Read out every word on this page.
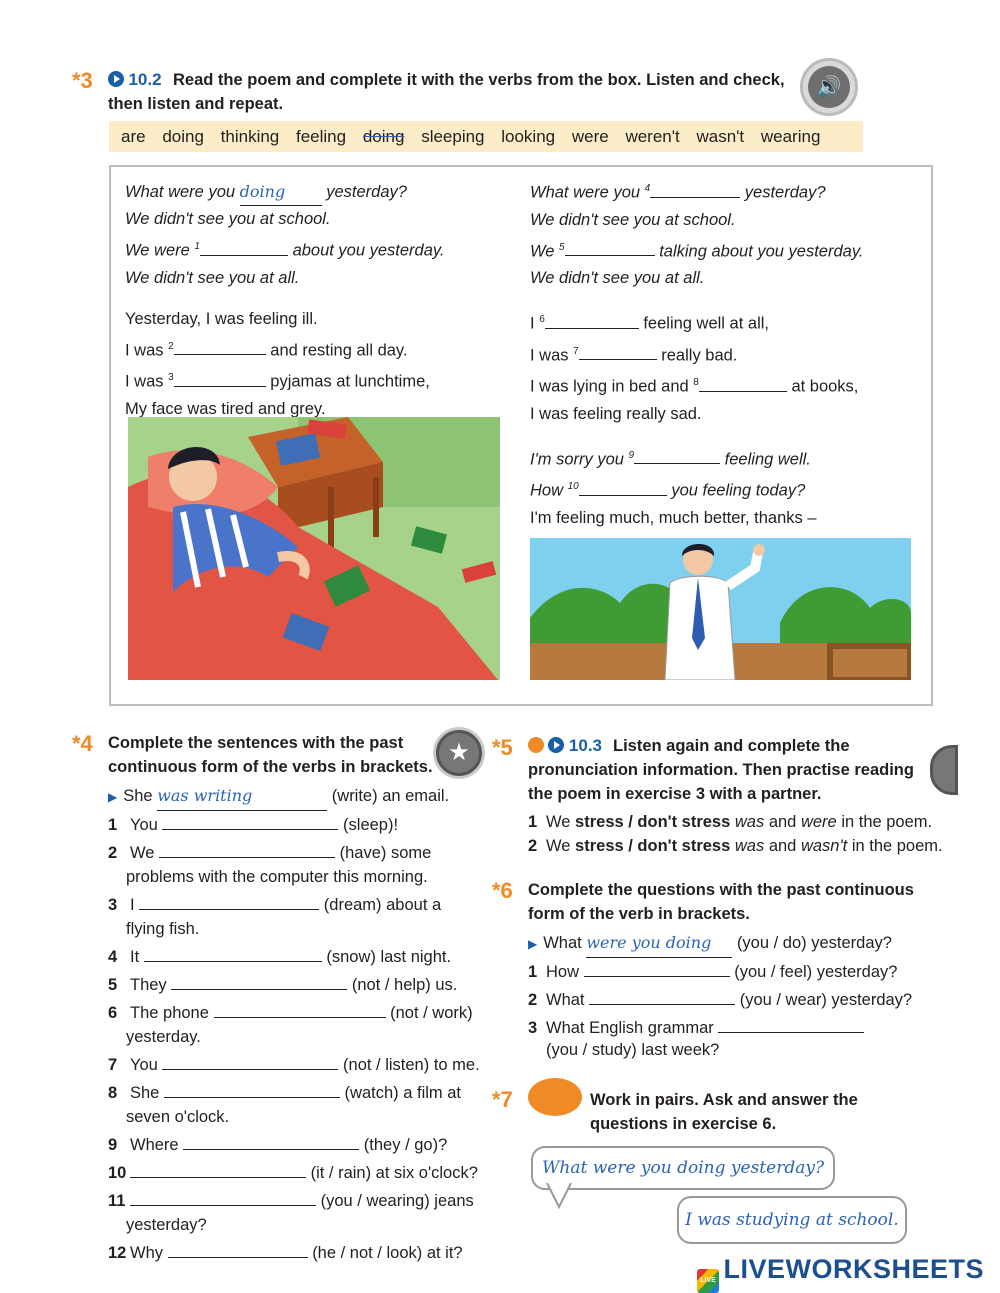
*3	10.2 Read the poem and complete it with the verbs from the box. Listen and check,
then listen and repeat.
🔊
are doing thinking feeling doing sleeping looking were weren't wasn't wearing
What were you doing yesterday?
We didn't see you at school.
We were $^1$	about you yesterday.
We didn't see you at all.
Yesterday, I was feeling ill.
I was $^2$	and resting all day.
I was $^3$	pyjamas at lunchtime,
My face was tired and grey.
What were you $^4$	yesterday?
We didn't see you at school.
We $^5$	talking about you yesterday.
We didn't see you at all.
I $^6$	feeling well at all,
I was $^7$	really bad.
I was lying in bed and $^8$	at books,
I was feeling really sad.
I'm sorry you $^9$	feeling well.
How $^{10}$	you feeling today?
I'm feeling much, much better, thanks –
*4 Complete the sentences with the past
continuous form of the verbs in brackets.
★
▶ She was writing	(write) an email.
1 You	(sleep)!
2 We	(have) some
problems with the computer this morning.
3 I	(dream) about a
flying fish.
4 It	(snow) last night.
5 They	(not / help) us.
6 The phone	(not / work)
yesterday.
7 You	(not / listen) to me.
8 She	(watch) a film at
seven o'clock.
9 Where	(they / go)?
10	(it / rain) at six o'clock?
11	(you / wearing) jeans
yesterday?
12 Why	(he / not / look) at it?
*5	10.3 Listen again and complete the
pronunciation information. Then practise reading
the poem in exercise 3 with a partner.
1 We stress / don't stress was and were in the poem.
2 We stress / don't stress was and wasn't in the poem.
*6 Complete the questions with the past continuous
form of the verb in brackets.
▶ What were you doing (you / do) yesterday?
1 How	(you / feel) yesterday?
2 What	(you / wear) yesterday?
3 What English grammar
(you / study) last week?
*7	Work in pairs. Ask and answer the
questions in exercise 6.
What were you doing yesterday?
I was studying at school.
LIVE LIVEWORKSHEETS
